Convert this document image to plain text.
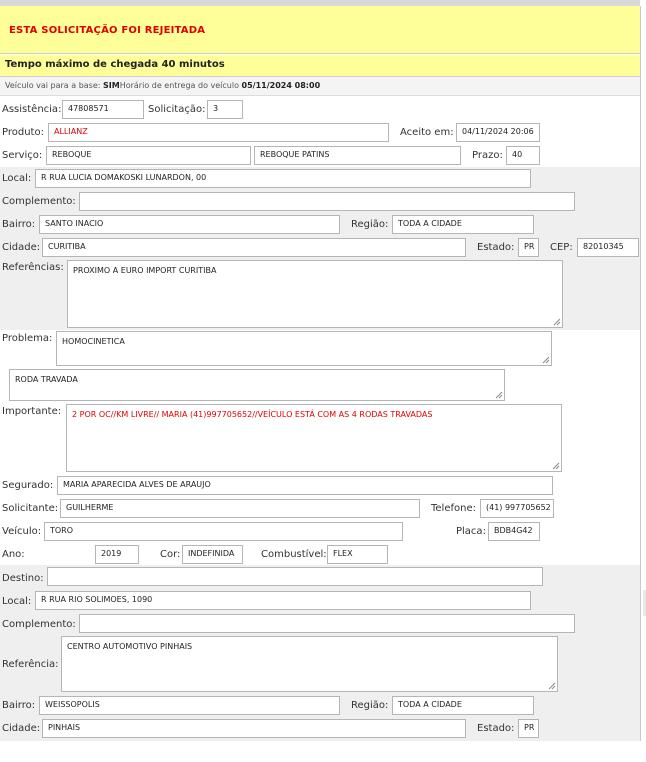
ESTA SOLICITAÇÃO FOI REJEITADA
Tempo máximo de chegada 40 minutos
Veículo vai para a base: SIMHorário de entrega do veículo 05/11/2024 08:00
Assistência: 47808571	Solicitação: 3
Produto:	ALLIANZ	Aceito em:	04/11/2024 20:06
Serviço:	REBOQUE	REBOQUE PATINS	Prazo:	40
Local:	R RUA LUCIA DOMAKOSKI LUNARDON, 00
Complemento:
Bairro:	SANTO INACIO	Região:	TODA A CIDADE
Cidade: CURITIBA	Estado:	PR	CEP:	82010345
Referências:	PROXIMO A EURO IMPORT CURITIBA
Problema:	HOMOCINETICA
RODA TRAVADA
Importante:	2 POR OC//KM LIVRE// MARIA (41)997705652//VEÍCULO ESTÁ COM AS 4 RODAS TRAVADAS
Segurado:	MARIA APARECIDA ALVES DE ARAUJO
Solicitante: GUILHERME	Telefone:	(41) 997705652
Veículo:	TORO	Placa:	BDB4G42
Ano:	2019	Cor: INDEFINIDA	Combustível: FLEX
Destino:
Local:	R RUA RIO SOLIMOES, 1090
Complemento:
Referência:
CENTRO AUTOMOTIVO PINHAIS
Bairro:	WEISSOPOLIS	Região:	TODA A CIDADE
Cidade: PINHAIS	Estado:	PR
